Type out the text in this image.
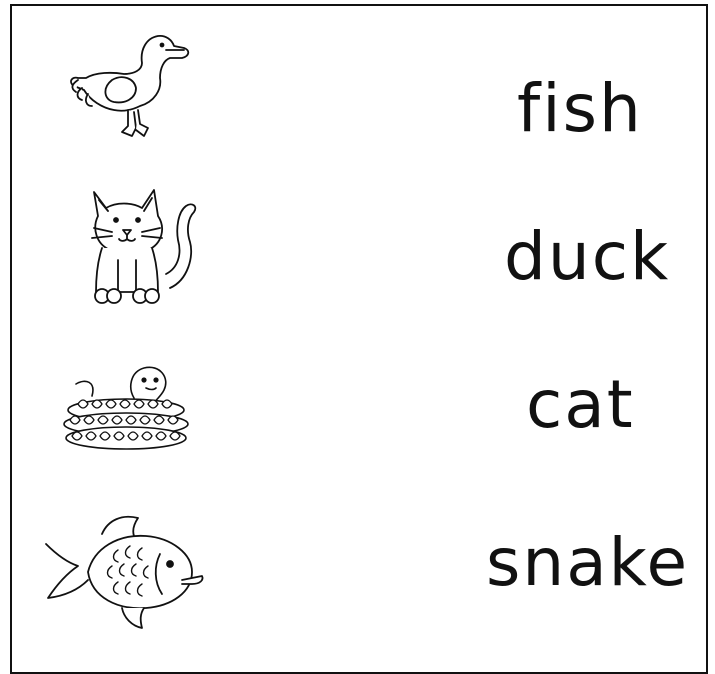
fish
duck
cat
snake
